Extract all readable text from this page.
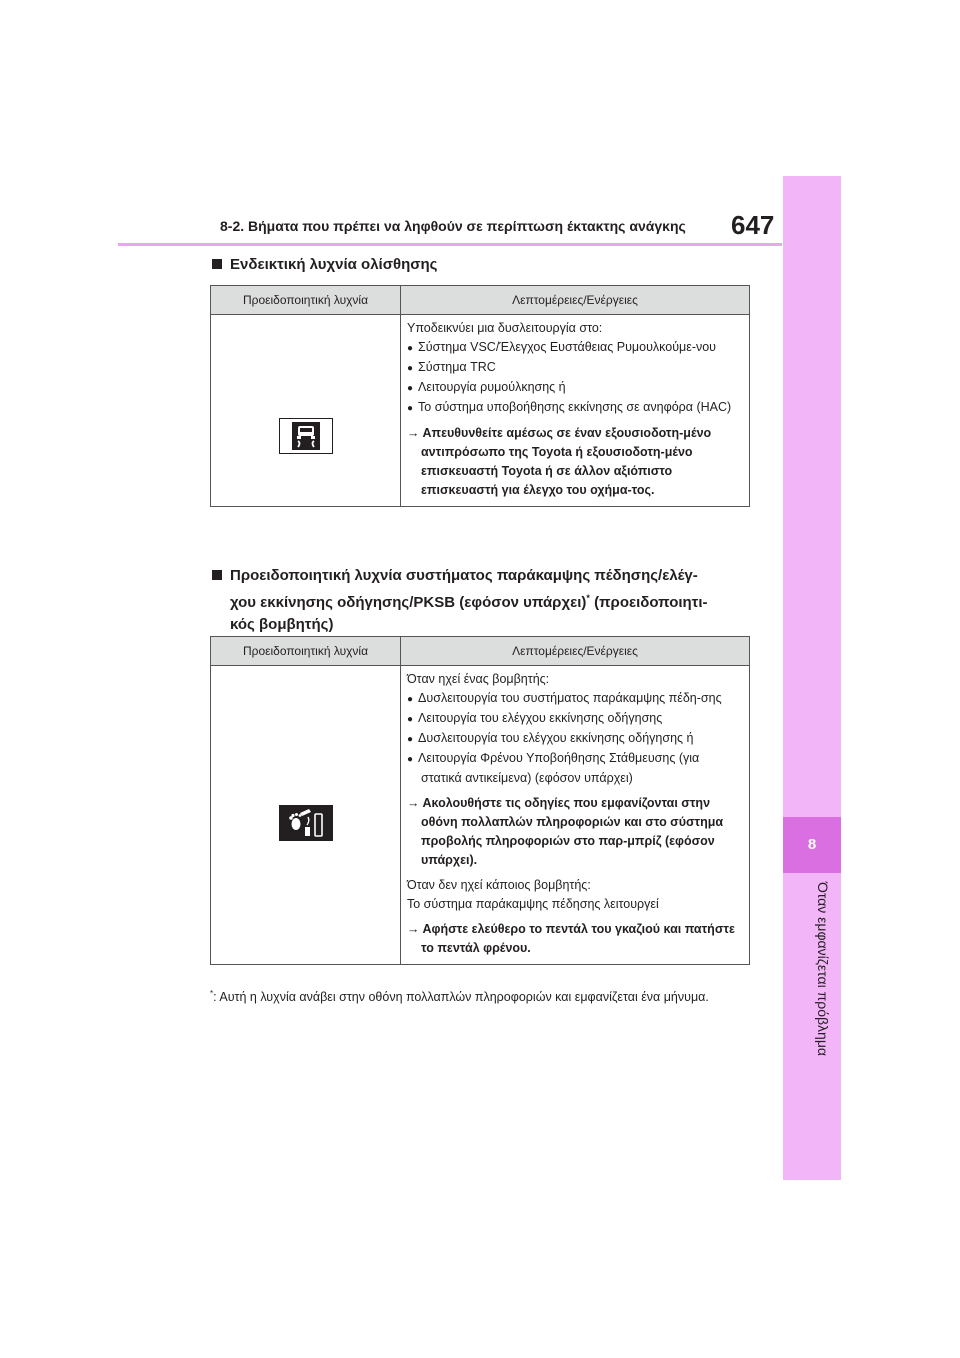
8-2. Βήματα που πρέπει να ληφθούν σε περίπτωση έκτακτης ανάγκης 647
8
Όταν εμφανίζεται πρόβλημα
Ενδεικτική λυχνία ολίσθησης
Προειδοποιητική λυχνία	Λεπτομέρειες/Ενέργειες
Υποδεικνύει μια δυσλειτουργία στο:
● Σύστημα VSC/Έλεγχος Ευστάθειας Ρυμουλκούμε-νου
● Σύστημα TRC
● Λειτουργία ρυμούλκησης ή
● Το σύστημα υποβοήθησης εκκίνησης σε ανηφόρα (HAC)
→ Απευθυνθείτε αμέσως σε έναν εξουσιοδοτη-μένο αντιπρόσωπο της Toyota ή εξουσιοδοτη-μένο επισκευαστή Toyota ή σε άλλον αξιόπιστο επισκευαστή για έλεγχο του οχήμα-τος.
Προειδοποιητική λυχνία συστήματος παράκαμψης πέδησης/ελέγ-
χου εκκίνησης οδήγησης/PKSB (εφόσον υπάρχει)* (προειδοποιητι-
κός βομβητής)
Προειδοποιητική λυχνία	Λεπτομέρειες/Ενέργειες
Όταν ηχεί ένας βομβητής:
● Δυσλειτουργία του συστήματος παράκαμψης πέδη-σης
● Λειτουργία του ελέγχου εκκίνησης οδήγησης
● Δυσλειτουργία του ελέγχου εκκίνησης οδήγησης ή
● Λειτουργία Φρένου Υποβοήθησης Στάθμευσης (για στατικά αντικείμενα) (εφόσον υπάρχει)
→ Ακολουθήστε τις οδηγίες που εμφανίζονται στην οθόνη πολλαπλών πληροφοριών και στο σύστημα προβολής πληροφοριών στο παρ-μπρίζ (εφόσον υπάρχει).
Όταν δεν ηχεί κάποιος βομβητής:
Το σύστημα παράκαμψης πέδησης λειτουργεί
→ Αφήστε ελεύθερο το πεντάλ του γκαζιού και πατήστε το πεντάλ φρένου.
*: Αυτή η λυχνία ανάβει στην οθόνη πολλαπλών πληροφοριών και εμφανίζεται ένα μήνυμα.
